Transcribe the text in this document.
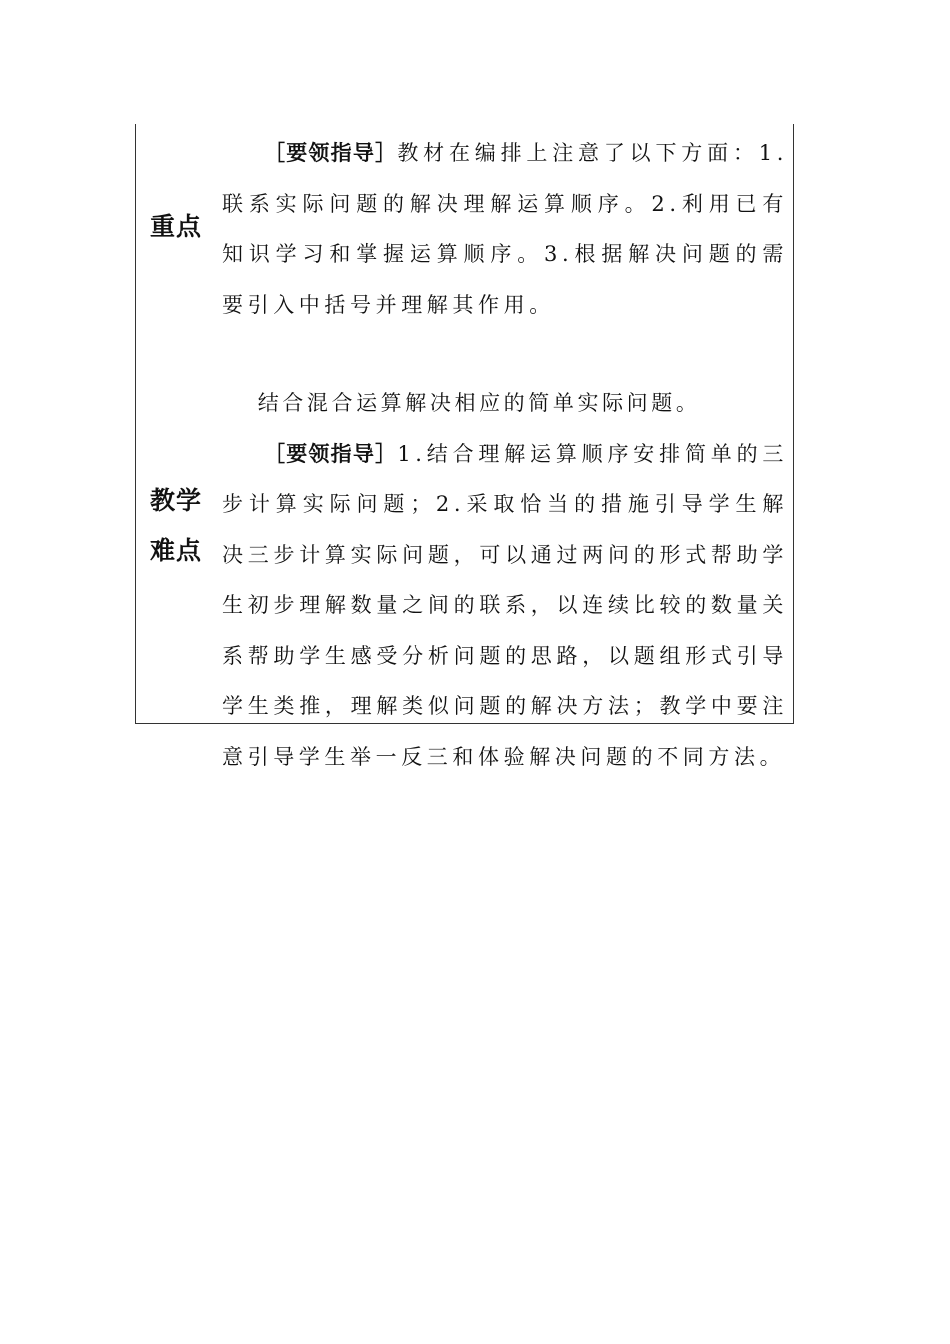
重点

［要领指导］教材在编排上注意了以下方面：1.联系实际问题的解决理解运算顺序。2.利用已有知识学习和掌握运算顺序。3.根据解决问题的需要引入中括号并理解其作用。

教学
难点

结合混合运算解决相应的简单实际问题。

［要领指导］1.结合理解运算顺序安排简单的三步计算实际问题；2.采取恰当的措施引导学生解决三步计算实际问题，可以通过两问的形式帮助学生初步理解数量之间的联系，以连续比较的数量关系帮助学生感受分析问题的思路，以题组形式引导学生类推，理解类似问题的解决方法；教学中要注意引导学生举一反三和体验解决问题的不同方法。
